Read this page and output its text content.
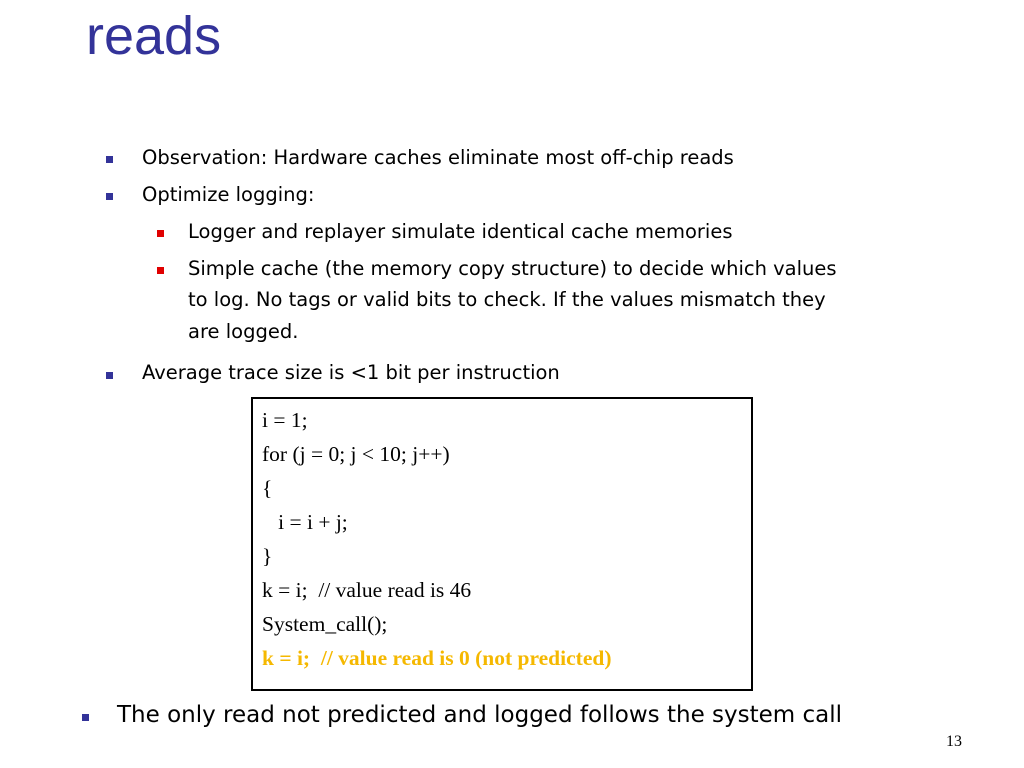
reads
Observation: Hardware caches eliminate most off-chip reads
Optimize logging:
Logger and replayer simulate identical cache memories
Simple cache (the memory copy structure) to decide which values
to log. No tags or valid bits to check. If the values mismatch they
are logged.
Average trace size is <1 bit per instruction
i = 1;
for (j = 0; j < 10; j++)
{
i = i + j;
}
k = i;  // value read is 46
System_call();
k = i;  // value read is 0 (not predicted)
The only read not predicted and logged follows the system call
13
